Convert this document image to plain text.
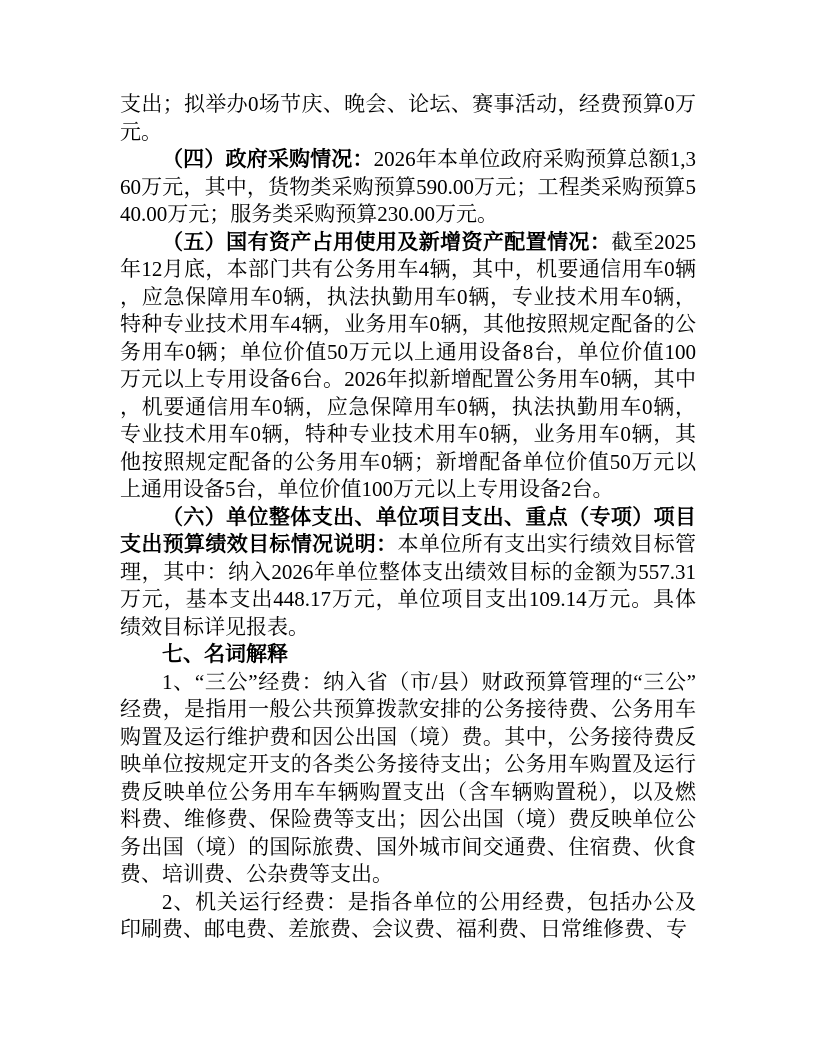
支出；拟举办0场节庆、晚会、论坛、赛事活动，经费预算0万元。

（四）政府采购情况：2026年本单位政府采购预算总额1,360万元，其中，货物类采购预算590.00万元；工程类采购预算540.00万元；服务类采购预算230.00万元。

（五）国有资产占用使用及新增资产配置情况：截至2025年12月底，本部门共有公务用车4辆，其中，机要通信用车0辆，应急保障用车0辆，执法执勤用车0辆，专业技术用车0辆，特种专业技术用车4辆，业务用车0辆，其他按照规定配备的公务用车0辆；单位价值50万元以上通用设备8台，单位价值100万元以上专用设备6台。2026年拟新增配置公务用车0辆，其中，机要通信用车0辆，应急保障用车0辆，执法执勤用车0辆，专业技术用车0辆，特种专业技术用车0辆，业务用车0辆，其他按照规定配备的公务用车0辆；新增配备单位价值50万元以上通用设备5台，单位价值100万元以上专用设备2台。

（六）单位整体支出、单位项目支出、重点（专项）项目支出预算绩效目标情况说明：本单位所有支出实行绩效目标管理，其中：纳入2026年单位整体支出绩效目标的金额为557.31万元，基本支出448.17万元，单位项目支出109.14万元。具体绩效目标详见报表。

七、名词解释

1、“三公”经费：纳入省（市/县）财政预算管理的“三公”经费，是指用一般公共预算拨款安排的公务接待费、公务用车购置及运行维护费和因公出国（境）费。其中，公务接待费反映单位按规定开支的各类公务接待支出；公务用车购置及运行费反映单位公务用车车辆购置支出（含车辆购置税），以及燃料费、维修费、保险费等支出；因公出国（境）费反映单位公务出国（境）的国际旅费、国外城市间交通费、住宿费、伙食费、培训费、公杂费等支出。

2、机关运行经费：是指各单位的公用经费，包括办公及印刷费、邮电费、差旅费、会议费、福利费、日常维修费、专
